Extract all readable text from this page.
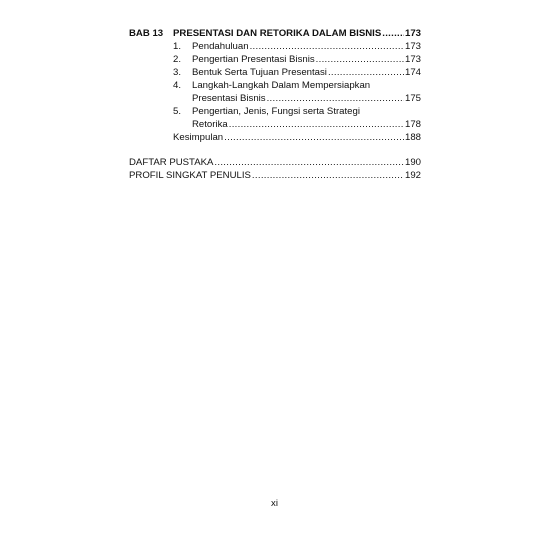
BAB 13 PRESENTASI DAN RETORIKA DALAM BISNIS ..... 173
1. Pendahuluan .....	173
2. Pengertian Presentasi Bisnis .....	173
3. Bentuk Serta Tujuan Presentasi .....	174
4. Langkah-Langkah Dalam Mempersiapkan
Presentasi Bisnis .....	175
5. Pengertian, Jenis, Fungsi serta Strategi
Retorika .....	178
Kesimpulan .....	188
DAFTAR PUSTAKA .....	190
PROFIL SINGKAT PENULIS .....	192
xi
